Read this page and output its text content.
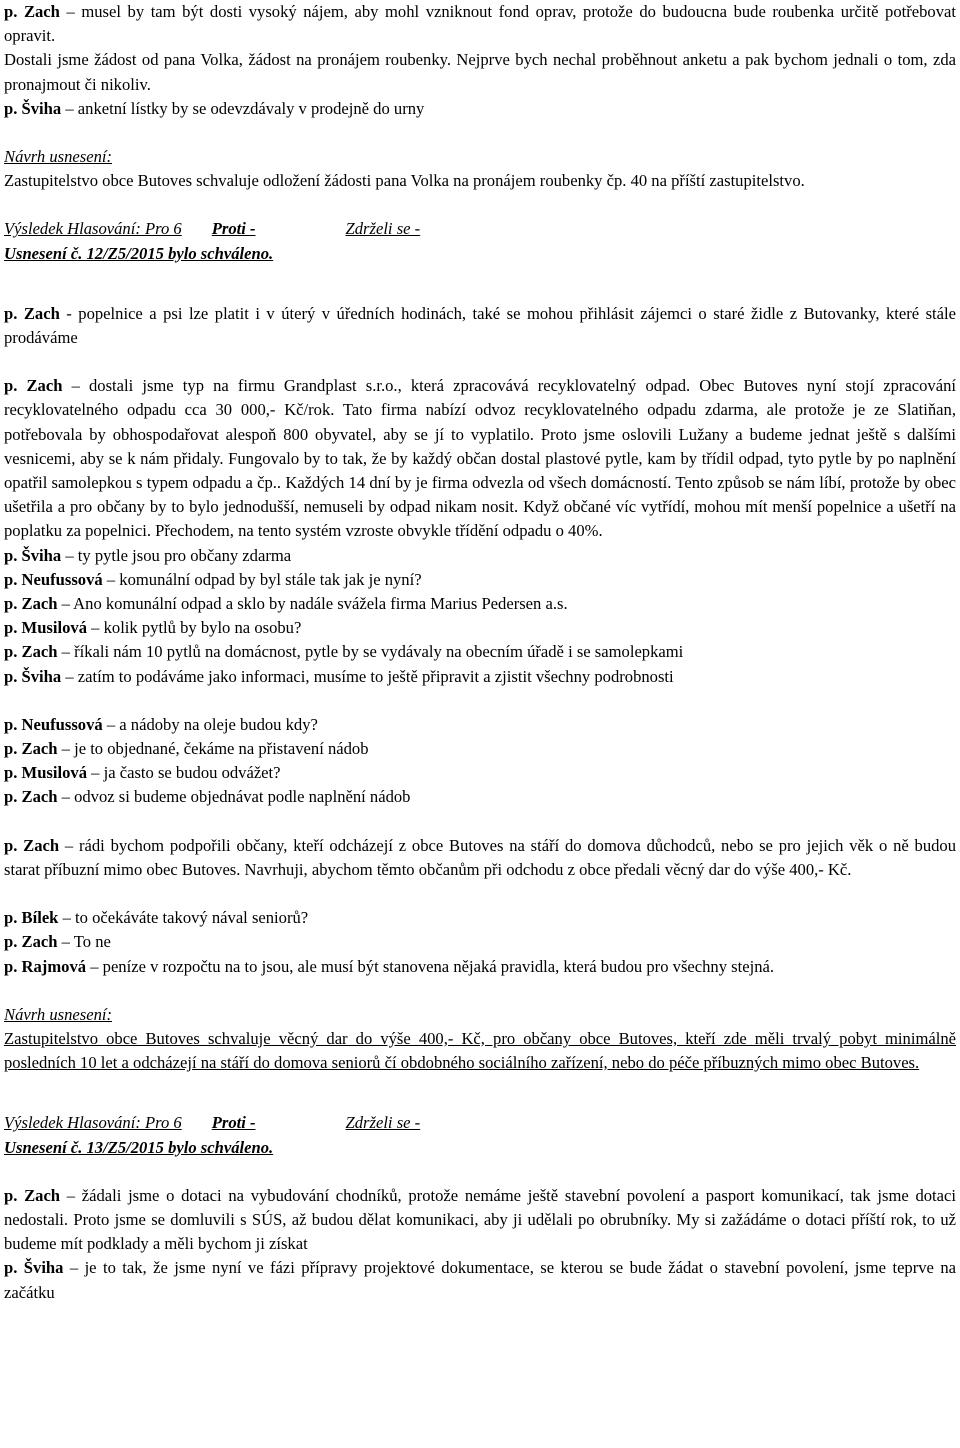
p. Zach – musel by tam být dosti vysoký nájem, aby mohl vzniknout fond oprav, protože do budoucna bude roubenka určitě potřebovat opravit.

Dostali jsme žádost od pana Volka, žádost na pronájem roubenky. Nejprve bych nechal proběhnout anketu a pak bychom jednali o tom, zda pronajmout či nikoliv.

p. Šviha – anketní lístky by se odevzdávaly v prodejně do urny

Návrh usnesení:

Zastupitelstvo obce Butoves schvaluje odložení žádosti pana Volka na pronájem roubenky čp. 40 na příští zastupitelstvo.

Výsledek Hlasování: Pro 6 Proti -	Zdrželi se -

Usnesení č. 12/Z5/2015 bylo schváleno.

p. Zach - popelnice a psi lze platit i v úterý v úředních hodinách, také se mohou přihlásit zájemci o staré židle z Butovanky, které stále prodáváme

p. Zach – dostali jsme typ na firmu Grandplast s.r.o., která zpracovává recyklovatelný odpad. Obec Butoves nyní stojí zpracování recyklovatelného odpadu cca 30 000,- Kč/rok. Tato firma nabízí odvoz recyklovatelného odpadu zdarma, ale protože je ze Slatiňan, potřebovala by obhospodařovat alespoň 800 obyvatel, aby se jí to vyplatilo. Proto jsme oslovili Lužany a budeme jednat ještě s dalšími vesnicemi, aby se k nám přidaly. Fungovalo by to tak, že by každý občan dostal plastové pytle, kam by třídil odpad, tyto pytle by po naplnění opatřil samolepkou s typem odpadu a čp.. Každých 14 dní by je firma odvezla od všech domácností. Tento způsob se nám líbí, protože by obec ušetřila a pro občany by to bylo jednodušší, nemuseli by odpad nikam nosit. Když občané víc vytřídí, mohou mít menší popelnice a ušetří na poplatku za popelnici. Přechodem, na tento systém vzroste obvykle třídění odpadu o 40%.

p. Šviha – ty pytle jsou pro občany zdarma

p. Neufussová – komunální odpad by byl stále tak jak je nyní?

p. Zach – Ano komunální odpad a sklo by nadále svážela firma Marius Pedersen a.s.

p. Musilová – kolik pytlů by bylo na osobu?

p. Zach – říkali nám 10 pytlů na domácnost, pytle by se vydávaly na obecním úřadě i se samolepkami

p. Šviha – zatím to podáváme jako informaci, musíme to ještě připravit a zjistit všechny podrobnosti

p. Neufussová – a nádoby na oleje budou kdy?

p. Zach – je to objednané, čekáme na přistavení nádob

p. Musilová – ja často se budou odvážet?

p. Zach – odvoz si budeme objednávat podle naplnění nádob

p. Zach – rádi bychom podpořili občany, kteří odcházejí z obce Butoves na stáří do domova důchodců, nebo se pro jejich věk o ně budou starat příbuzní mimo obec Butoves. Navrhuji, abychom těmto občanům při odchodu z obce předali věcný dar do výše 400,- Kč.

p. Bílek – to očekáváte takový nával seniorů?

p. Zach – To ne

p. Rajmová – peníze v rozpočtu na to jsou, ale musí být stanovena nějaká pravidla, která budou pro všechny stejná.

Návrh usnesení:

Zastupitelstvo obce Butoves schvaluje věcný dar do výše 400,- Kč, pro občany obce Butoves, kteří zde měli trvalý pobyt minimálně posledních 10 let a odcházejí na stáří do domova seniorů čí obdobného sociálního zařízení, nebo do péče příbuzných mimo obec Butoves.

Výsledek Hlasování: Pro 6 Proti -	Zdrželi se -

Usnesení č. 13/Z5/2015 bylo schváleno.

p. Zach – žádali jsme o dotaci na vybudování chodníků, protože nemáme ještě stavební povolení a pasport komunikací, tak jsme dotaci nedostali. Proto jsme se domluvili s SÚS, až budou dělat komunikaci, aby ji udělali po obrubníky. My si zažádáme o dotaci příští rok, to už budeme mít podklady a měli bychom ji získat

p. Šviha – je to tak, že jsme nyní ve fázi přípravy projektové dokumentace, se kterou se bude žádat o stavební povolení, jsme teprve na začátku
